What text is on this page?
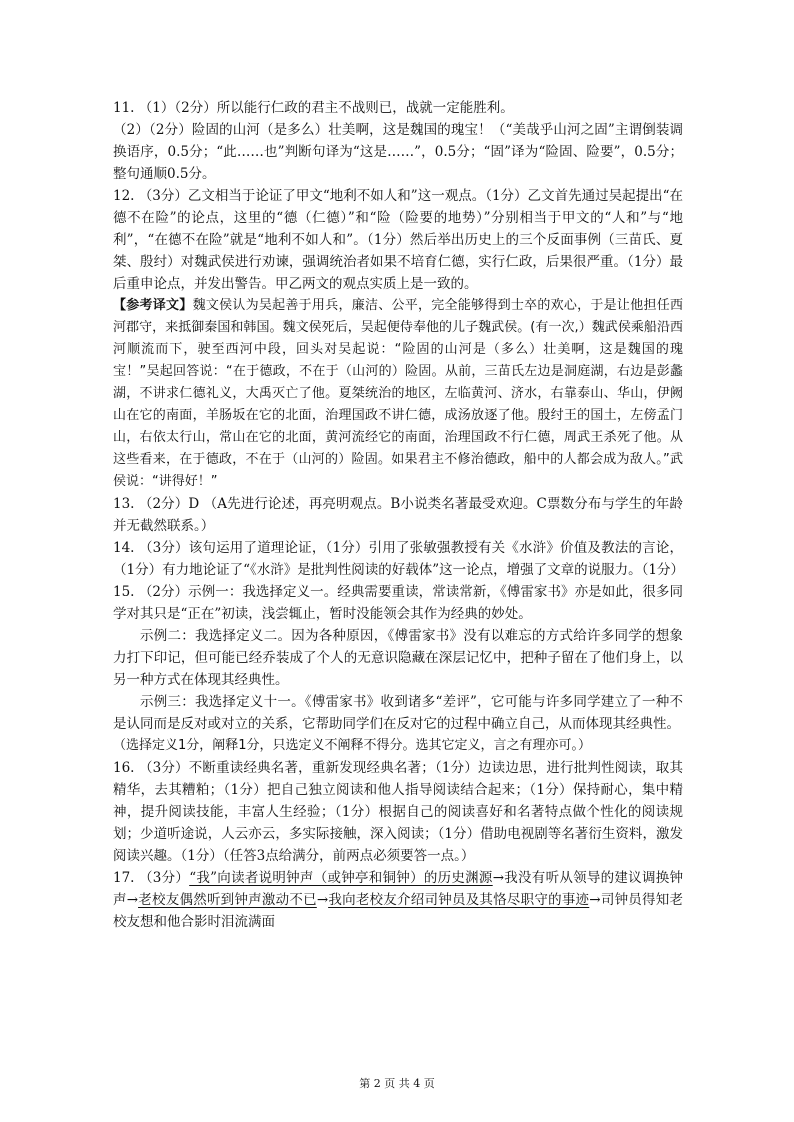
11. （1）（2分）所以能行仁政的君主不战则已，战就一定能胜利。

（2）（2分）险固的山河（是多么）壮美啊，这是魏国的瑰宝！（“美哉乎山河之固”主谓倒装调换语序，0.5分；“此……也”判断句译为“这是……”，0.5分；“固”译为“险固、险要”，0.5分；整句通顺0.5分。

12. （3分）乙文相当于论证了甲文“地利不如人和”这一观点。（1分）乙文首先通过吴起提出“在德不在险”的论点，这里的“德（仁德）”和“险（险要的地势）”分别相当于甲文的“人和”与“地利”，“在德不在险”就是“地利不如人和”。（1分）然后举出历史上的三个反面事例（三苗氏、夏桀、殷纣）对魏武侯进行劝谏，强调统治者如果不培育仁德，实行仁政，后果很严重。（1分）最后重申论点，并发出警告。甲乙两文的观点实质上是一致的。

【参考译文】魏文侯认为吴起善于用兵，廉洁、公平，完全能够得到士卒的欢心，于是让他担任西河郡守，来抵御秦国和韩国。魏文侯死后，吴起便侍奉他的儿子魏武侯。(有一次,）魏武侯乘船沿西河顺流而下，驶至西河中段，回头对吴起说：“险固的山河是（多么）壮美啊，这是魏国的瑰宝！”吴起回答说：“在于德政，不在于（山河的）险固。从前，三苗氏左边是洞庭湖，右边是彭蠡湖，不讲求仁德礼义，大禹灭亡了他。夏桀统治的地区，左临黄河、济水，右靠泰山、华山，伊阙山在它的南面，羊肠坂在它的北面，治理国政不讲仁德，成汤放逐了他。殷纣王的国土，左傍孟门山，右依太行山，常山在它的北面，黄河流经它的南面，治理国政不行仁德，周武王杀死了他。从这些看来，在于德政，不在于（山河的）险固。如果君主不修治德政，船中的人都会成为敌人。”武侯说：“讲得好！”

13. （2分）D （A先进行论述，再亮明观点。B小说类名著最受欢迎。C票数分布与学生的年龄并无截然联系。）

14. （3分）该句运用了道理论证，（1分）引用了张敏强教授有关《水浒》价值及教法的言论，（1分）有力地论证了“《水浒》是批判性阅读的好载体”这一论点，增强了文章的说服力。（1分）

15. （2分）示例一：我选择定义一。经典需要重读，常读常新，《傅雷家书》亦是如此，很多同学对其只是“正在”初读，浅尝辄止，暂时没能领会其作为经典的妙处。

示例二：我选择定义二。因为各种原因，《傅雷家书》没有以难忘的方式给许多同学的想象力打下印记，但可能已经乔装成了个人的无意识隐藏在深层记忆中，把种子留在了他们身上，以另一种方式在体现其经典性。

示例三：我选择定义十一。《傅雷家书》收到诸多“差评”，它可能与许多同学建立了一种不是认同而是反对或对立的关系，它帮助同学们在反对它的过程中确立自己，从而体现其经典性。

（选择定义1分，阐释1分，只选定义不阐释不得分。选其它定义，言之有理亦可。）

16. （3分）不断重读经典名著，重新发现经典名著；（1分）边读边思，进行批判性阅读，取其精华，去其糟粕；（1分）把自己独立阅读和他人指导阅读结合起来；（1分）保持耐心，集中精神，提升阅读技能，丰富人生经验；（1分）根据自己的阅读喜好和名著特点做个性化的阅读规划；少道听途说，人云亦云，多实际接触，深入阅读；（1分）借助电视剧等名著衍生资料，激发阅读兴趣。（1分）（任答3点给满分，前两点必须要答一点。）

17. （3分）“我”向读者说明钟声（或钟亭和铜钟）的历史渊源→我没有听从领导的建议调换钟声→老校友偶然听到钟声激动不已→我向老校友介绍司钟员及其恪尽职守的事迹→司钟员得知老校友想和他合影时泪流满面

第 2 页 共 4 页
